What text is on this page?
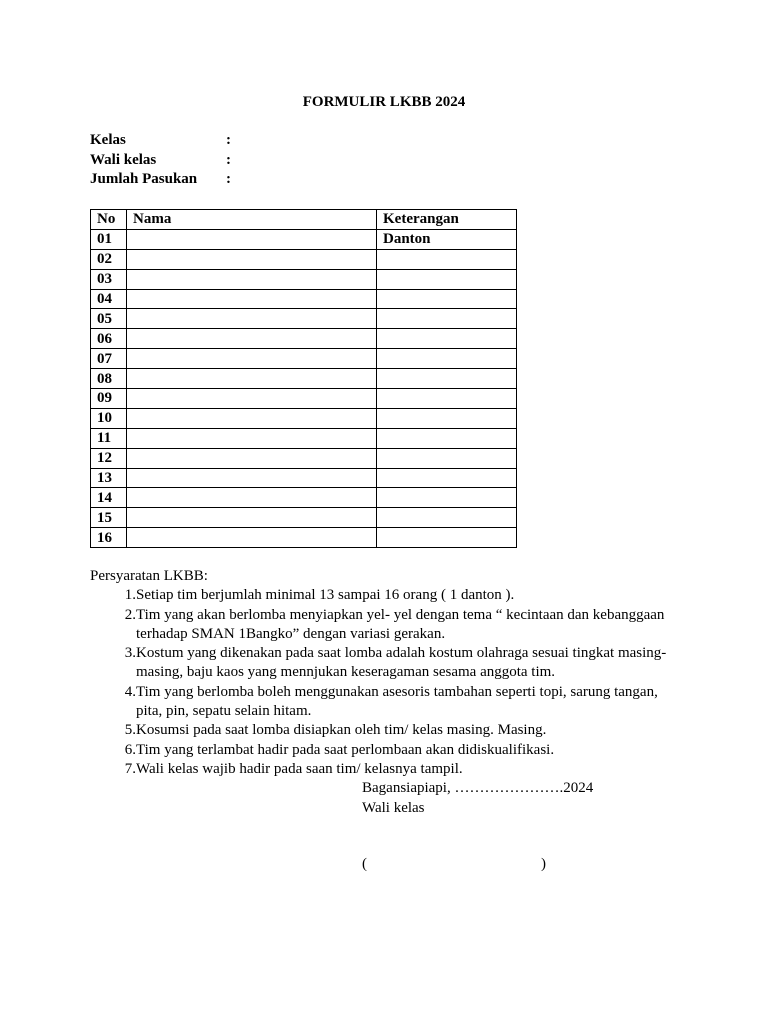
FORMULIR LKBB 2024
Kelas	:
Wali kelas	:
Jumlah Pasukan	:
No	Nama	Keterangan
01		Danton
02		
03		
04		
05		
06		
07		
08		
09		
10		
11		
12		
13		
14		
15		
16		

Persyaratan LKBB:

1. Setiap tim berjumlah minimal 13 sampai 16 orang ( 1 danton ).
2. Tim yang akan berlomba menyiapkan yel- yel dengan tema “ kecintaan dan kebanggaan terhadap SMAN 1Bangko” dengan variasi gerakan.
3. Kostum yang dikenakan pada saat lomba adalah kostum olahraga sesuai tingkat masing-masing, baju kaos yang mennjukan keseragaman sesama anggota tim.
4. Tim yang berlomba boleh menggunakan asesoris tambahan seperti topi, sarung tangan, pita, pin, sepatu selain hitam.
5. Kosumsi pada saat lomba disiapkan oleh tim/ kelas masing. Masing.
6. Tim yang terlambat hadir pada saat perlombaan akan didiskualifikasi.
7. Wali kelas wajib hadir pada saan tim/ kelasnya tampil.
Bagansiapiapi, ………………….2024
Wali kelas
(	)
